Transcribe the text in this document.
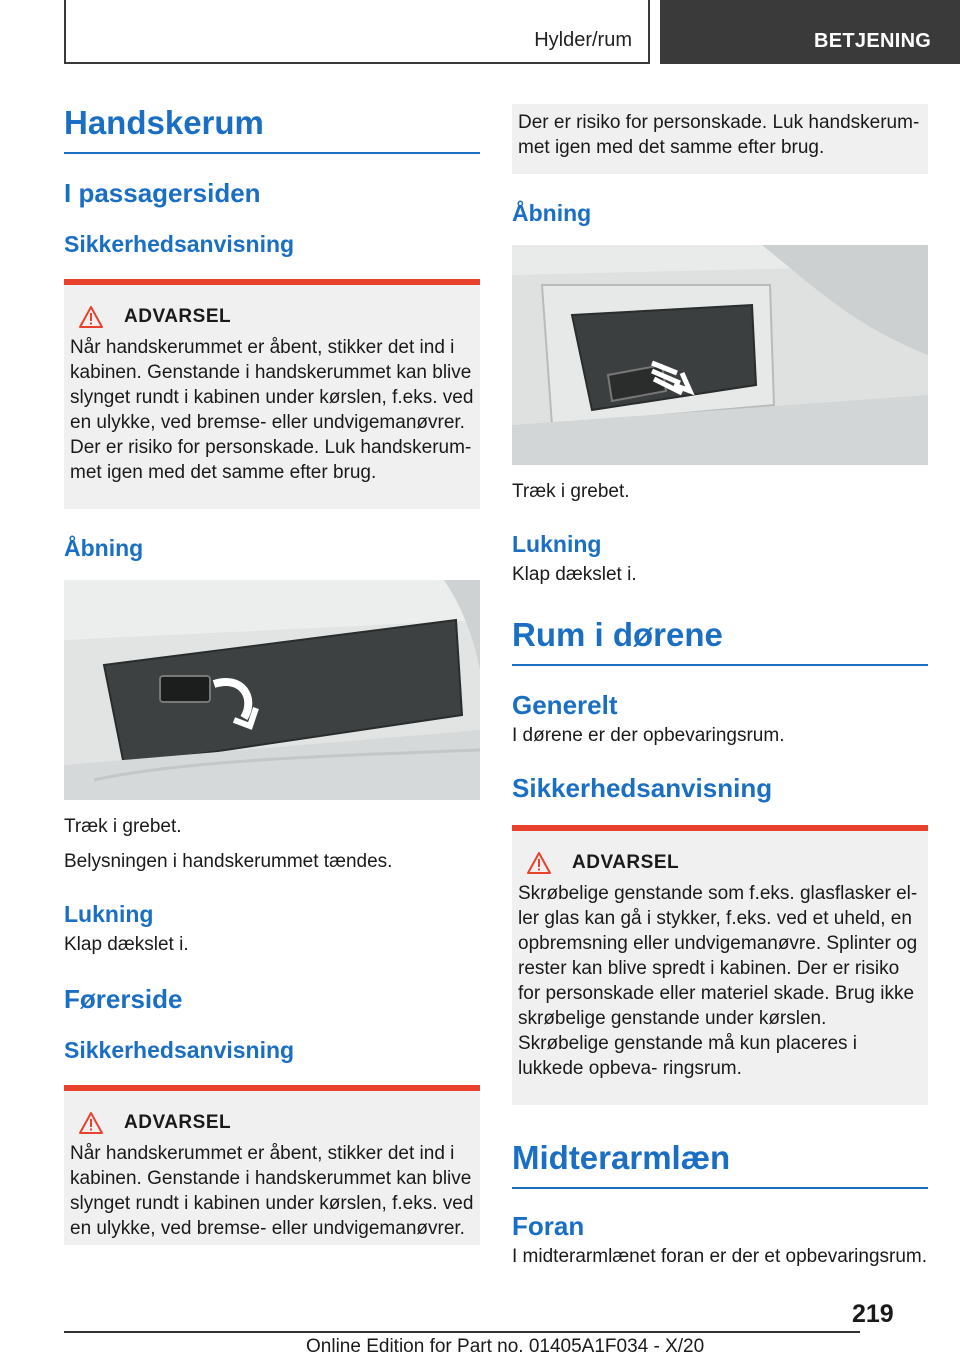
Hylder/rum	BETJENING
Handskerum
I passagersiden
Sikkerhedsanvisning
ADVARSEL
Når handskerummet er åbent, stikker det ind i kabinen. Genstande i handskerummet kan blive slynget rundt i kabinen under kørslen, f.eks. ved en ulykke, ved bremse- eller undvigemanøvrer. Der er risiko for personskade. Luk handskerum‐ met igen med det samme efter brug.
Åbning

Træk i grebet.

Belysningen i handskerummet tændes.

Lukning

Klap dækslet i.

Førerside
Sikkerhedsanvisning
ADVARSEL
Når handskerummet er åbent, stikker det ind i kabinen. Genstande i handskerummet kan blive slynget rundt i kabinen under kørslen, f.eks. ved en ulykke, ved bremse- eller undvigemanøvrer.
Der er risiko for personskade. Luk handskerum‐ met igen med det samme efter brug.
Åbning

Træk i grebet.

Lukning

Klap dækslet i.

Rum i dørene
Generelt

I dørene er der opbevaringsrum.

Sikkerhedsanvisning
ADVARSEL
Skrøbelige genstande som f.eks. glasflasker el‐ ler glas kan gå i stykker, f.eks. ved et uheld, en opbremsning eller undvigemanøvre. Splinter og rester kan blive spredt i kabinen. Der er risiko for personskade eller materiel skade. Brug ikke skrøbelige genstande under kørslen. Skrøbelige genstande må kun placeres i lukkede opbeva‐ ringsrum.
Midterarmlæn
Foran

I midterarmlænet foran er der et opbevaringsrum.

219
Online Edition for Part no. 01405A1F034 - X/20
